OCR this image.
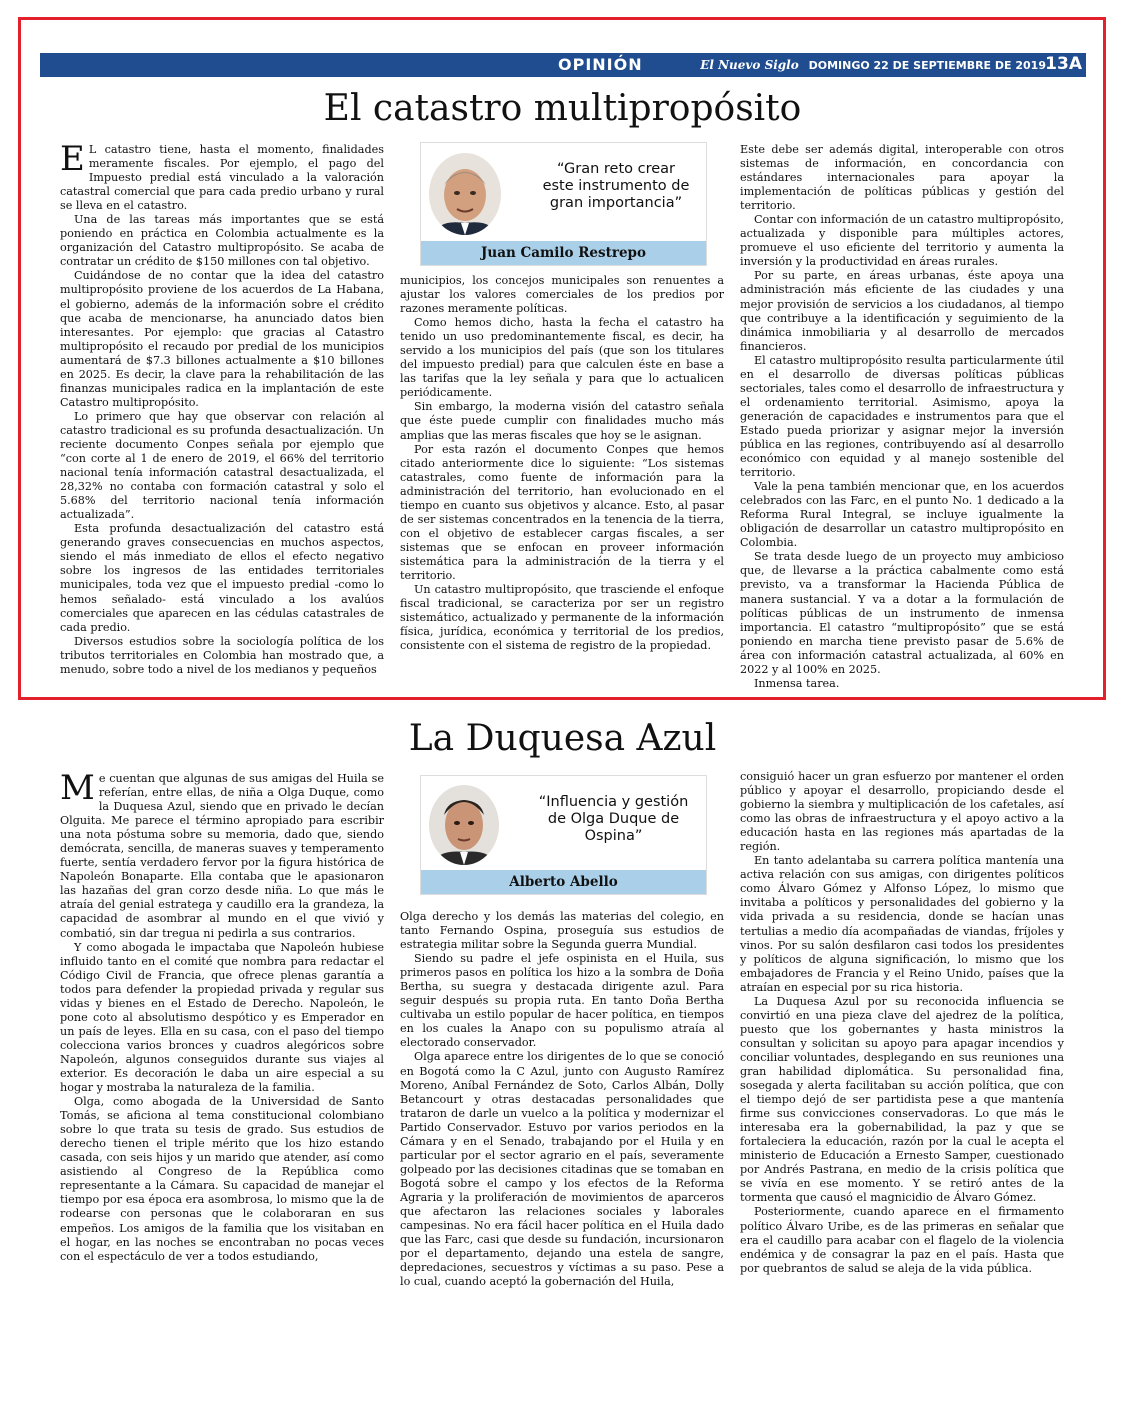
OPINIÓN	El Nuevo Siglo DOMINGO 22 DE SEPTIEMBRE DE 2019 13A
El catastro multipropósito

E L catastro tiene, hasta el momento, finalidades meramente fiscales. Por ejemplo, el pago del Impuesto predial está vinculado a la valoración catastral comercial que para cada predio urbano y rural se lleva en el catastro.

Una de las tareas más importantes que se está poniendo en práctica en Colombia actualmente es la organización del Catastro multipropósito. Se acaba de contratar un crédito de $150 millones con tal objetivo.

Cuidándose de no contar que la idea del catastro multipropósito proviene de los acuerdos de La Habana, el gobierno, además de la información sobre el crédito que acaba de mencionarse, ha anunciado datos bien interesantes. Por ejemplo: que gracias al Catastro multipropósito el recaudo por predial de los municipios aumentará de $7.3 billones actualmente a $10 billones en 2025. Es decir, la clave para la rehabilitación de las finanzas municipales radica en la implantación de este Catastro multipropósito.

Lo primero que hay que observar con relación al catastro tradicional es su profunda desactualización. Un reciente documento Conpes señala por ejemplo que “con corte al 1 de enero de 2019, el 66% del territorio nacional tenía información catastral desactualizada, el 28,32% no contaba con formación catastral y solo el 5.68% del territorio nacional tenía información actualizada”.

Esta profunda desactualización del catastro está generando graves consecuencias en muchos aspectos, siendo el más inmediato de ellos el efecto negativo sobre los ingresos de las entidades territoriales municipales, toda vez que el impuesto predial -como lo hemos señalado- está vinculado a los avalúos comerciales que aparecen en las cédulas catastrales de cada predio.

Diversos estudios sobre la sociología política de los tributos territoriales en Colombia han mostrado que, a menudo, sobre todo a nivel de los medianos y pequeños

“Gran reto crear este instrumento de gran importancia”
Juan Camilo Restrepo

municipios, los concejos municipales son renuentes a ajustar los valores comerciales de los predios por razones meramente políticas.

Como hemos dicho, hasta la fecha el catastro ha tenido un uso predominantemente fiscal, es decir, ha servido a los municipios del país (que son los titulares del impuesto predial) para que calculen éste en base a las tarifas que la ley señala y para que lo actualicen periódicamente.

Sin embargo, la moderna visión del catastro señala que éste puede cumplir con finalidades mucho más amplias que las meras fiscales que hoy se le asignan.

Por esta razón el documento Conpes que hemos citado anteriormente dice lo siguiente: “Los sistemas catastrales, como fuente de información para la administración del territorio, han evolucionado en el tiempo en cuanto sus objetivos y alcance. Esto, al pasar de ser sistemas concentrados en la tenencia de la tierra, con el objetivo de establecer cargas fiscales, a ser sistemas que se enfocan en proveer información sistemática para la administración de la tierra y el territorio.

Un catastro multipropósito, que trasciende el enfoque fiscal tradicional, se caracteriza por ser un registro sistemático, actualizado y permanente de la información física, jurídica, económica y territorial de los predios, consistente con el sistema de registro de la propiedad.

Este debe ser además digital, interoperable con otros sistemas de información, en concordancia con estándares internacionales para apoyar la implementación de políticas públicas y gestión del territorio.

Contar con información de un catastro multipropósito, actualizada y disponible para múltiples actores, promueve el uso eficiente del territorio y aumenta la inversión y la productividad en áreas rurales.

Por su parte, en áreas urbanas, éste apoya una administración más eficiente de las ciudades y una mejor provisión de servicios a los ciudadanos, al tiempo que contribuye a la identificación y seguimiento de la dinámica inmobiliaria y al desarrollo de mercados financieros.

El catastro multipropósito resulta particularmente útil en el desarrollo de diversas políticas públicas sectoriales, tales como el desarrollo de infraestructura y el ordenamiento territorial. Asimismo, apoya la generación de capacidades e instrumentos para que el Estado pueda priorizar y asignar mejor la inversión pública en las regiones, contribuyendo así al desarrollo económico con equidad y al manejo sostenible del territorio.

Vale la pena también mencionar que, en los acuerdos celebrados con las Farc, en el punto No. 1 dedicado a la Reforma Rural Integral, se incluye igualmente la obligación de desarrollar un catastro multipropósito en Colombia.

Se trata desde luego de un proyecto muy ambicioso que, de llevarse a la práctica cabalmente como está previsto, va a transformar la Hacienda Pública de manera sustancial. Y va a dotar a la formulación de políticas públicas de un instrumento de inmensa importancia. El catastro “multipropósito” que se está poniendo en marcha tiene previsto pasar de 5.6% de área con información catastral actualizada, al 60% en 2022 y al 100% en 2025.

Inmensa tarea.

La Duquesa Azul

Me cuentan que algunas de sus amigas del Huila se referían, entre ellas, de niña a Olga Duque, como la Duquesa Azul, siendo que en privado le decían Olguita. Me parece el término apropiado para escribir una nota póstuma sobre su memoria, dado que, siendo demócrata, sencilla, de maneras suaves y temperamento fuerte, sentía verdadero fervor por la figura histórica de Napoleón Bonaparte. Ella contaba que le apasionaron las hazañas del gran corzo desde niña. Lo que más le atraía del genial estratega y caudillo era la grandeza, la capacidad de asombrar al mundo en el que vivió y combatió, sin dar tregua ni pedirla a sus contrarios.

Y como abogada le impactaba que Napoleón hubiese influido tanto en el comité que nombra para redactar el Código Civil de Francia, que ofrece plenas garantía a todos para defender la propiedad privada y regular sus vidas y bienes en el Estado de Derecho. Napoleón, le pone coto al absolutismo despótico y es Emperador en un país de leyes. Ella en su casa, con el paso del tiempo colecciona varios bronces y cuadros alegóricos sobre Napoleón, algunos conseguidos durante sus viajes al exterior. Es decoración le daba un aire especial a su hogar y mostraba la naturaleza de la familia.

Olga, como abogada de la Universidad de Santo Tomás, se aficiona al tema constitucional colombiano sobre lo que trata su tesis de grado. Sus estudios de derecho tienen el triple mérito que los hizo estando casada, con seis hijos y un marido que atender, así como asistiendo al Congreso de la República como representante a la Cámara. Su capacidad de manejar el tiempo por esa época era asombrosa, lo mismo que la de rodearse con personas que le colaboraran en sus empeños. Los amigos de la familia que los visitaban en el hogar, en las noches se encontraban no pocas veces con el espectáculo de ver a todos estudiando,

“Influencia y gestión de Olga Duque de Ospina”
Alberto Abello

Olga derecho y los demás las materias del colegio, en tanto Fernando Ospina, proseguía sus estudios de estrategia militar sobre la Segunda guerra Mundial.

Siendo su padre el jefe ospinista en el Huila, sus primeros pasos en política los hizo a la sombra de Doña Bertha, su suegra y destacada dirigente azul. Para seguir después su propia ruta. En tanto Doña Bertha cultivaba un estilo popular de hacer política, en tiempos en los cuales la Anapo con su populismo atraía al electorado conservador.

Olga aparece entre los dirigentes de lo que se conoció en Bogotá como la C Azul, junto con Augusto Ramírez Moreno, Aníbal Fernández de Soto, Carlos Albán, Dolly Betancourt y otras destacadas personalidades que trataron de darle un vuelco a la política y modernizar el Partido Conservador. Estuvo por varios periodos en la Cámara y en el Senado, trabajando por el Huila y en particular por el sector agrario en el país, severamente golpeado por las decisiones citadinas que se tomaban en Bogotá sobre el campo y los efectos de la Reforma Agraria y la proliferación de movimientos de aparceros que afectaron las relaciones sociales y laborales campesinas. No era fácil hacer política en el Huila dado que las Farc, casi que desde su fundación, incursionaron por el departamento, dejando una estela de sangre, depredaciones, secuestros y víctimas a su paso. Pese a lo cual, cuando aceptó la gobernación del Huila,

consiguió hacer un gran esfuerzo por mantener el orden público y apoyar el desarrollo, propiciando desde el gobierno la siembra y multiplicación de los cafetales, así como las obras de infraestructura y el apoyo activo a la educación hasta en las regiones más apartadas de la región.

En tanto adelantaba su carrera política mantenía una activa relación con sus amigas, con dirigentes políticos como Álvaro Gómez y Alfonso López, lo mismo que invitaba a políticos y personalidades del gobierno y la vida privada a su residencia, donde se hacían unas tertulias a medio día acompañadas de viandas, fríjoles y vinos. Por su salón desfilaron casi todos los presidentes y políticos de alguna significación, lo mismo que los embajadores de Francia y el Reino Unido, países que la atraían en especial por su rica historia.

La Duquesa Azul por su reconocida influencia se convirtió en una pieza clave del ajedrez de la política, puesto que los gobernantes y hasta ministros la consultan y solicitan su apoyo para apagar incendios y conciliar voluntades, desplegando en sus reuniones una gran habilidad diplomática. Su personalidad fina, sosegada y alerta facilitaban su acción política, que con el tiempo dejó de ser partidista pese a que mantenía firme sus convicciones conservadoras. Lo que más le interesaba era la gobernabilidad, la paz y que se fortaleciera la educación, razón por la cual le acepta el ministerio de Educación a Ernesto Samper, cuestionado por Andrés Pastrana, en medio de la crisis política que se vivía en ese momento. Y se retiró antes de la tormenta que causó el magnicidio de Álvaro Gómez.

Posteriormente, cuando aparece en el firmamento político Álvaro Uribe, es de las primeras en señalar que era el caudillo para acabar con el flagelo de la violencia endémica y de consagrar la paz en el país. Hasta que por quebrantos de salud se aleja de la vida pública.
